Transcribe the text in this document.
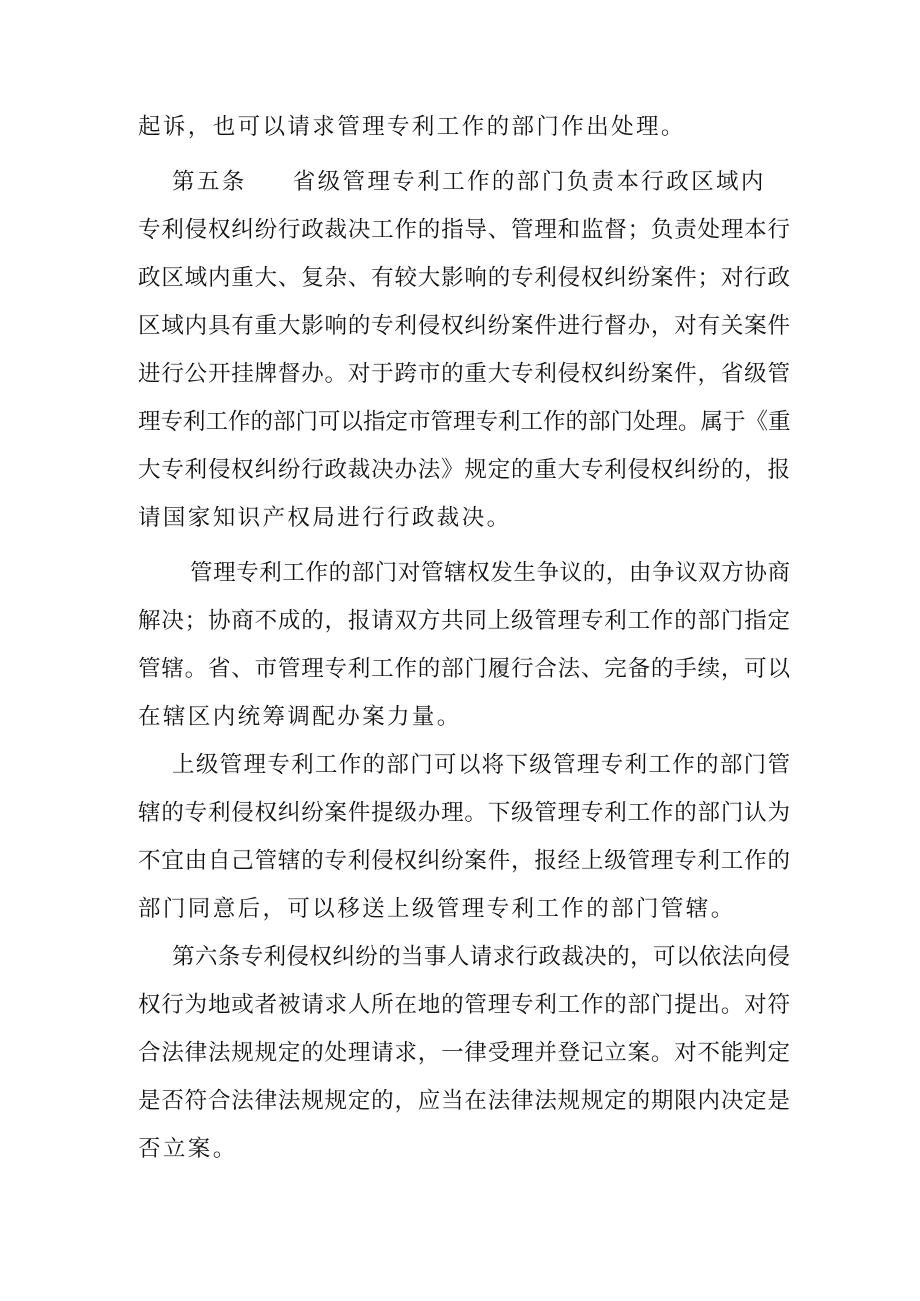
起诉，也可以请求管理专利工作的部门作出处理。
第五条 省级管理专利工作的部门负责本行政区域内
专利侵权纠纷行政裁决工作的指导、管理和监督；负责处理本行
政区域内重大、复杂、有较大影响的专利侵权纠纷案件；对行政
区域内具有重大影响的专利侵权纠纷案件进行督办，对有关案件
进行公开挂牌督办。对于跨市的重大专利侵权纠纷案件，省级管
理专利工作的部门可以指定市管理专利工作的部门处理。属于《重
大专利侵权纠纷行政裁决办法》规定的重大专利侵权纠纷的，报
请国家知识产权局进行行政裁决。
管理专利工作的部门对管辖权发生争议的，由争议双方协商
解决；协商不成的，报请双方共同上级管理专利工作的部门指定
管辖。省、市管理专利工作的部门履行合法、完备的手续，可以
在辖区内统筹调配办案力量。
上级管理专利工作的部门可以将下级管理专利工作的部门管
辖的专利侵权纠纷案件提级办理。下级管理专利工作的部门认为
不宜由自己管辖的专利侵权纠纷案件，报经上级管理专利工作的
部门同意后，可以移送上级管理专利工作的部门管辖。
第六条专利侵权纠纷的当事人请求行政裁决的，可以依法向侵
权行为地或者被请求人所在地的管理专利工作的部门提出。对符
合法律法规规定的处理请求，一律受理并登记立案。对不能判定
是否符合法律法规规定的，应当在法律法规规定的期限内决定是
否立案。
